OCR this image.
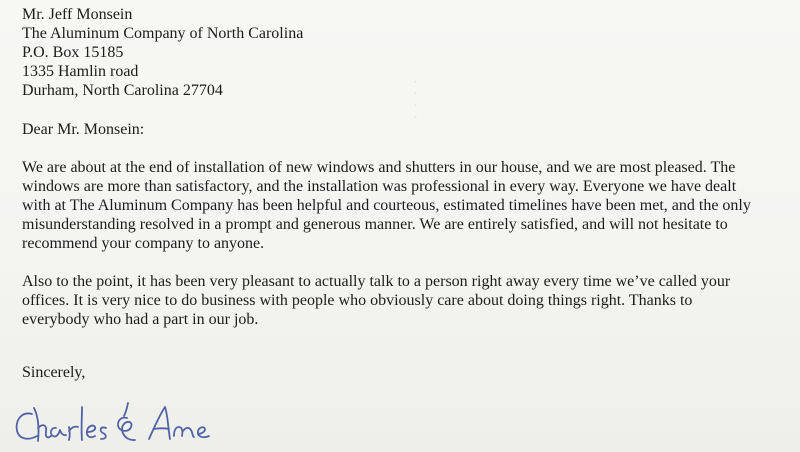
· · · ·
Mr. Jeff Monsein
The Aluminum Company of North Carolina
P.O. Box 15185
1335 Hamlin road
Durham, North Carolina 27704
Dear Mr. Monsein:

We are about at the end of installation of new windows and shutters in our house, and we are most pleased. The windows are more than satisfactory, and the installation was professional in every way. Everyone we have dealt with at The Aluminum Company has been helpful and courteous, estimated timelines have been met, and the only misunderstanding resolved in a prompt and generous manner. We are entirely satisfied, and will not hesitate to recommend your company to anyone.

Also to the point, it has been very pleasant to actually talk to a person right away every time we’ve called your offices. It is very nice to do business with people who obviously care about doing things right. Thanks to everybody who had a part in our job.

Sincerely,
